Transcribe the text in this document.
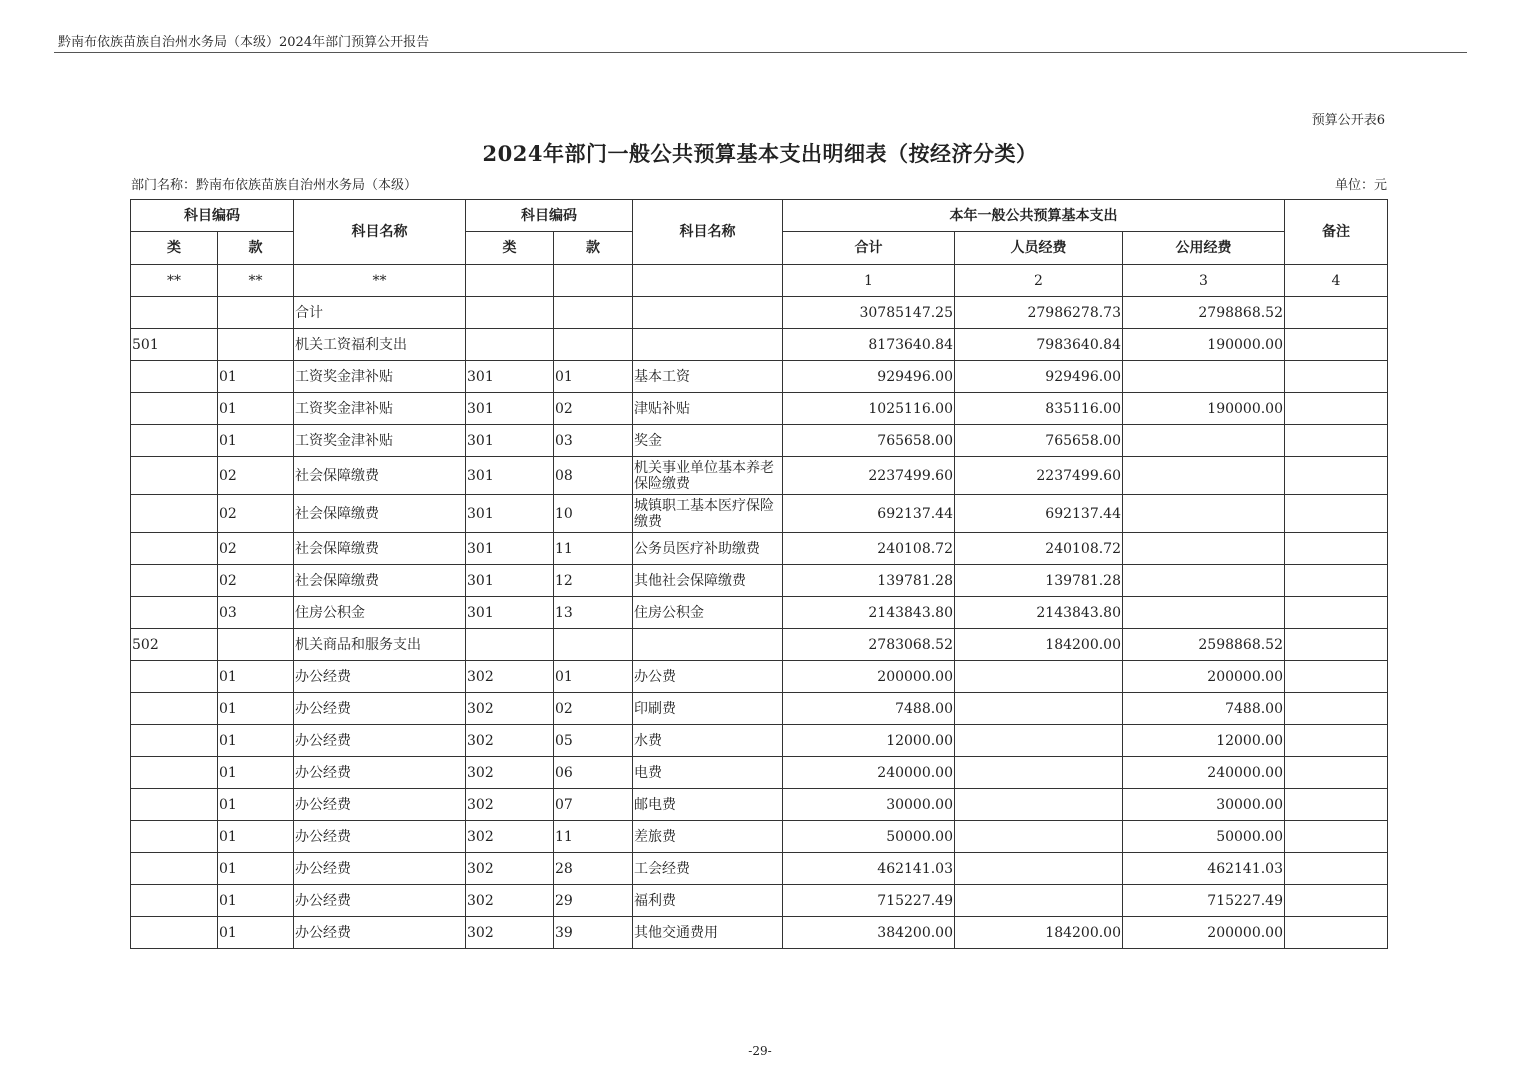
黔南布依族苗族自治州水务局（本级）2024年部门预算公开报告
预算公开表6
2024年部门一般公共预算基本支出明细表（按经济分类）
部门名称：黔南布依族苗族自治州水务局（本级）	单位：元
科目编码		科目名称	科目编码		科目名称	本年一般公共预算基本支出			备注
类	款		类	款		合计	人员经费	公用经费	
**	**	**				1	2	3	4
		合计				30785147.25	27986278.73	2798868.52	
501		机关工资福利支出				8173640.84	7983640.84	190000.00	
	01	工资奖金津补贴	301	01	基本工资	929496.00	929496.00		
	01	工资奖金津补贴	301	02	津贴补贴	1025116.00	835116.00	190000.00	
	01	工资奖金津补贴	301	03	奖金	765658.00	765658.00		
	02	社会保障缴费	301	08	机关事业单位基本养老保险缴费	2237499.60	2237499.60		
	02	社会保障缴费	301	10	城镇职工基本医疗保险缴费	692137.44	692137.44		
	02	社会保障缴费	301	11	公务员医疗补助缴费	240108.72	240108.72		
	02	社会保障缴费	301	12	其他社会保障缴费	139781.28	139781.28		
	03	住房公积金	301	13	住房公积金	2143843.80	2143843.80		
502		机关商品和服务支出				2783068.52	184200.00	2598868.52	
	01	办公经费	302	01	办公费	200000.00		200000.00	
	01	办公经费	302	02	印刷费	7488.00		7488.00	
	01	办公经费	302	05	水费	12000.00		12000.00	
	01	办公经费	302	06	电费	240000.00		240000.00	
	01	办公经费	302	07	邮电费	30000.00		30000.00	
	01	办公经费	302	11	差旅费	50000.00		50000.00	
	01	办公经费	302	28	工会经费	462141.03		462141.03	
	01	办公经费	302	29	福利费	715227.49		715227.49	
	01	办公经费	302	39	其他交通费用	384200.00	184200.00	200000.00	
-29-
